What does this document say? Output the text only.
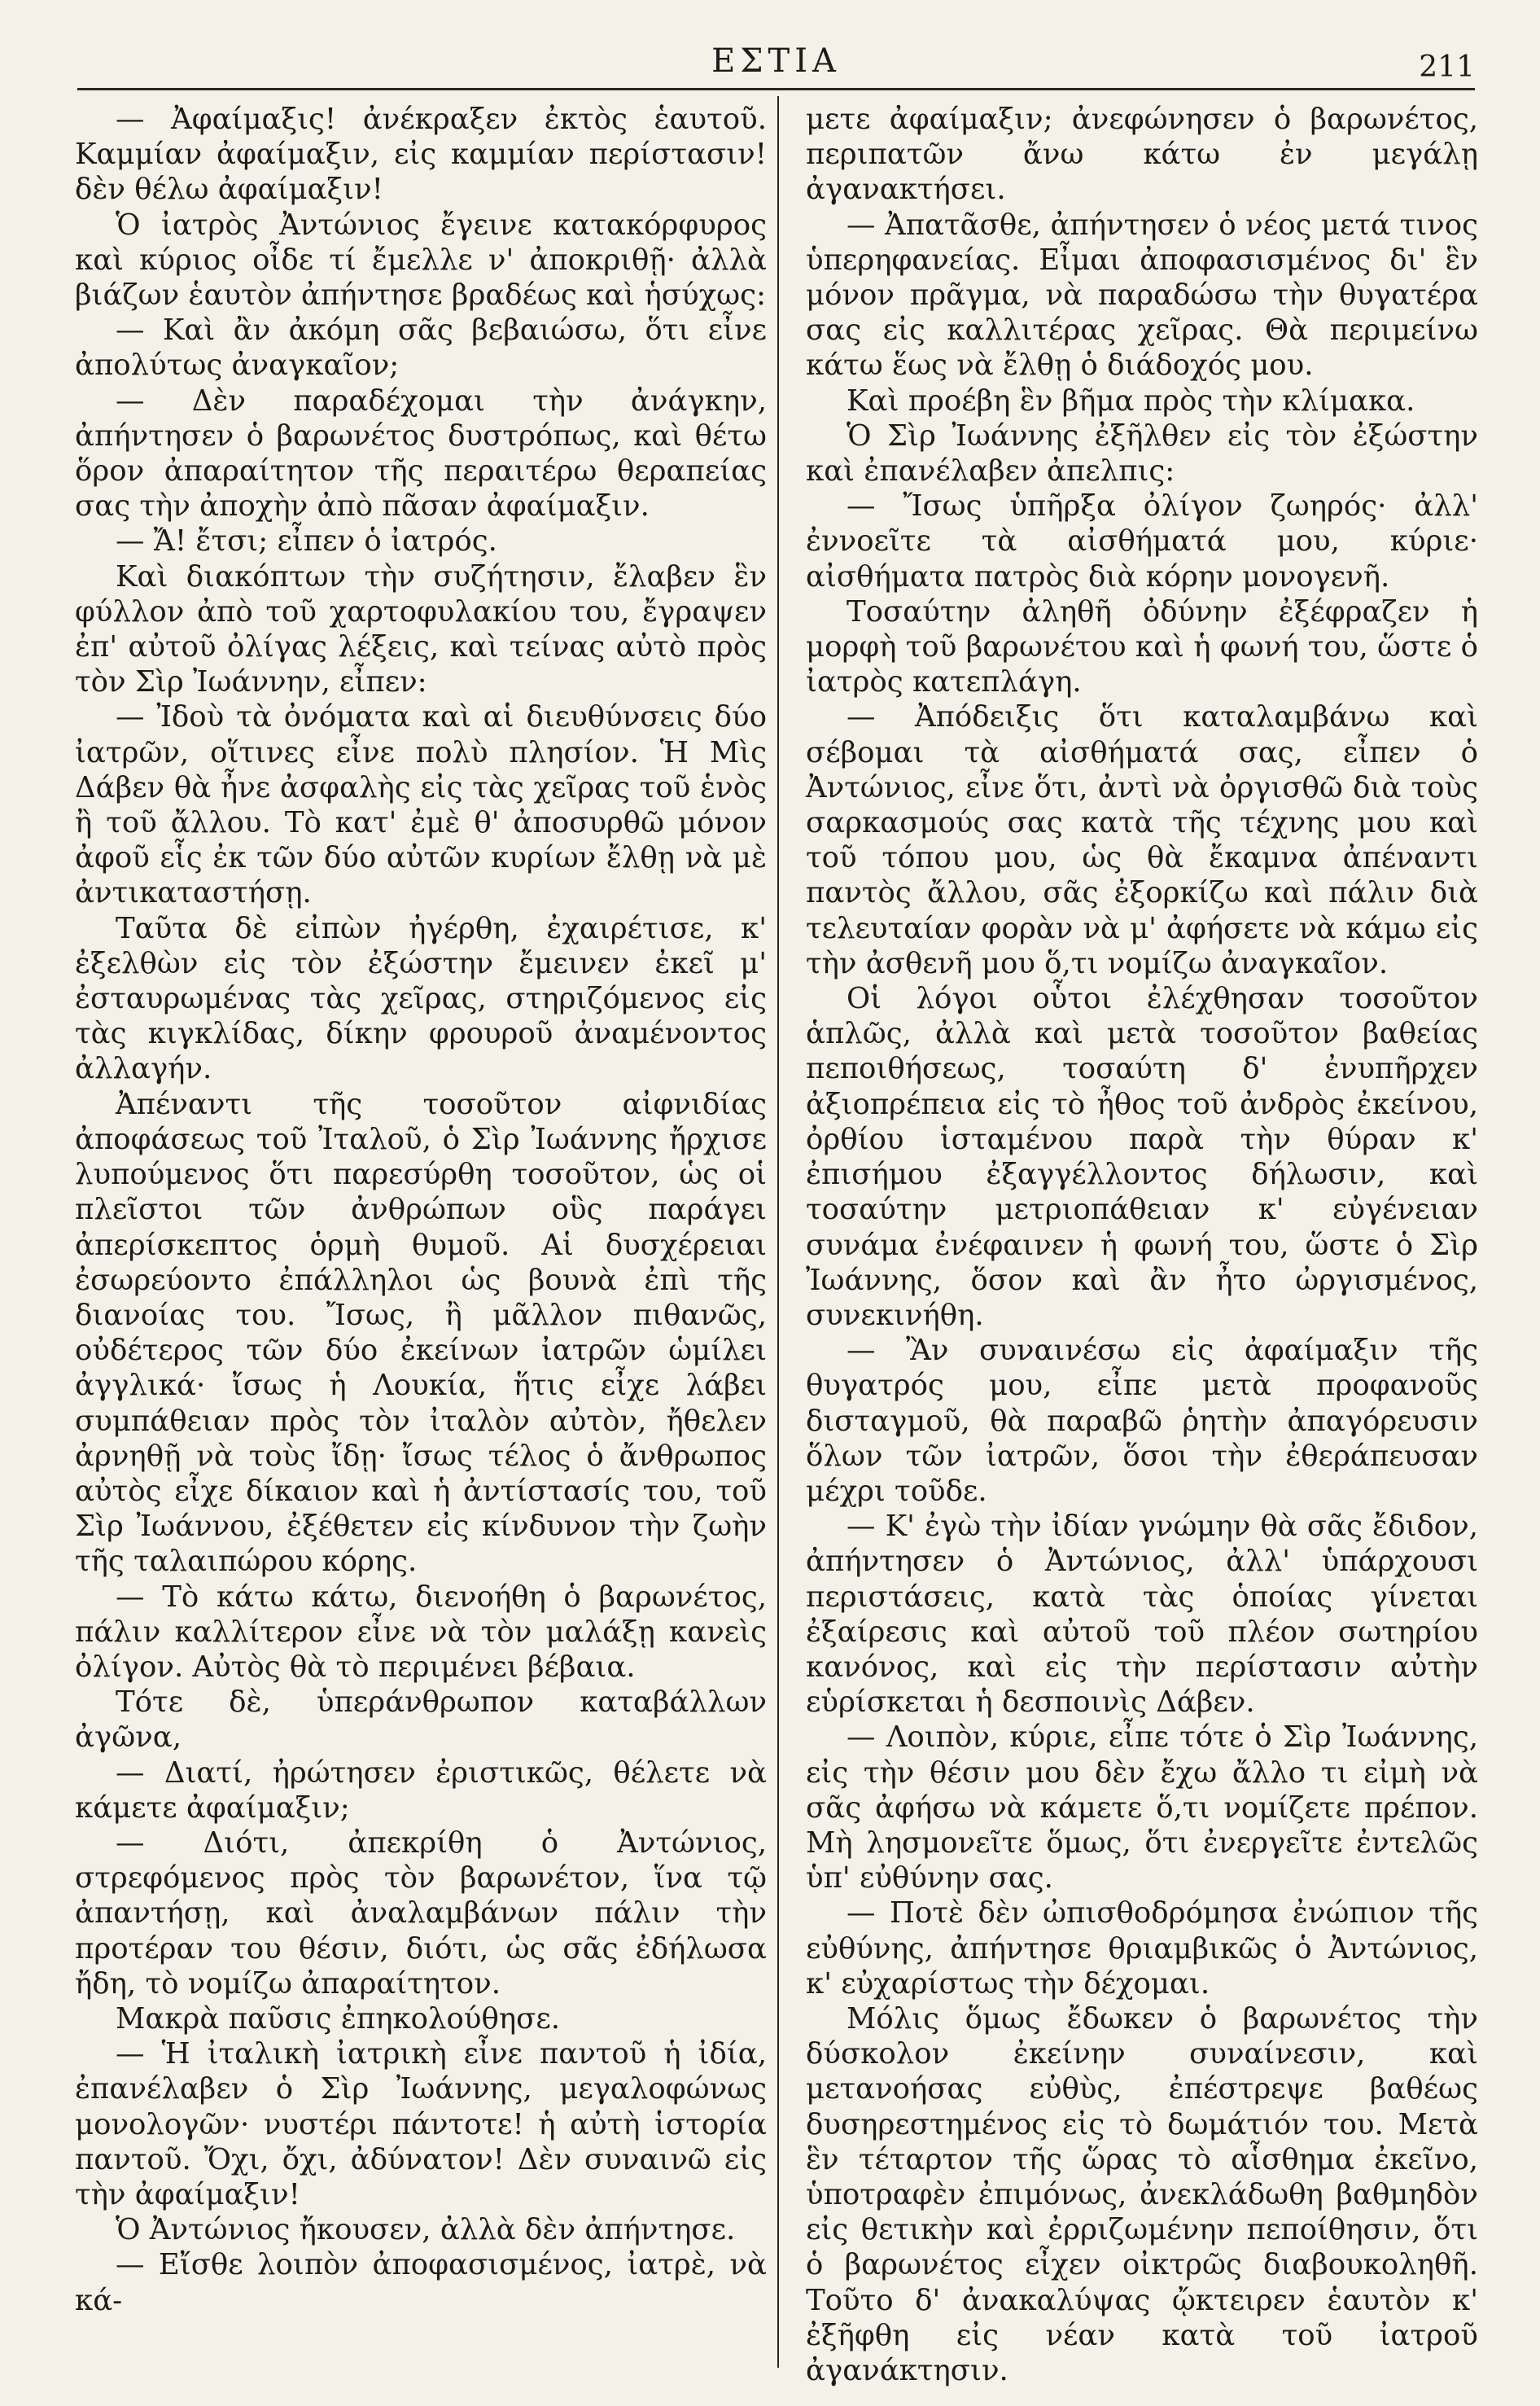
ΕΣΤΙΑ	211

— Ἀφαίμαξις! ἀνέκραξεν ἐκτὸς ἑαυτοῦ. Καμμίαν ἀφαίμαξιν, εἰς καμμίαν περίστασιν! δὲν θέλω ἀφαίμαξιν!

Ὁ ἰατρὸς Ἀντώνιος ἔγεινε κατακόρφυρος καὶ κύριος οἶδε τί ἔμελλε ν' ἀποκριθῇ· ἀλλὰ βιάζων ἑαυτὸν ἀπήντησε βραδέως καὶ ἡσύχως:

— Καὶ ἂν ἀκόμη σᾶς βεβαιώσω, ὅτι εἶνε ἀπολύτως ἀναγκαῖον;

— Δὲν παραδέχομαι τὴν ἀνάγκην, ἀπήντησεν ὁ βαρωνέτος δυστρόπως, καὶ θέτω ὅρον ἀπαραίτητον τῆς περαιτέρω θεραπείας σας τὴν ἀποχὴν ἀπὸ πᾶσαν ἀφαίμαξιν.

— Ἄ! ἔτσι; εἶπεν ὁ ἰατρός.

Καὶ διακόπτων τὴν συζήτησιν, ἔλαβεν ἓν φύλλον ἀπὸ τοῦ χαρτοφυλακίου του, ἔγραψεν ἐπ' αὐτοῦ ὀλίγας λέξεις, καὶ τείνας αὐτὸ πρὸς τὸν Σὶρ Ἰωάννην, εἶπεν:

— Ἰδοὺ τὰ ὀνόματα καὶ αἱ διευθύνσεις δύο ἰατρῶν, οἵτινες εἶνε πολὺ πλησίον. Ἡ Μὶς Δάβεν θὰ ἦνε ἀσφαλὴς εἰς τὰς χεῖρας τοῦ ἑνὸς ἢ τοῦ ἄλλου. Τὸ κατ' ἐμὲ θ' ἀποσυρθῶ μόνον ἀφοῦ εἷς ἐκ τῶν δύο αὐτῶν κυρίων ἔλθῃ νὰ μὲ ἀντικαταστήσῃ.

Ταῦτα δὲ εἰπὼν ἠγέρθη, ἐχαιρέτισε, κ' ἐξελθὼν εἰς τὸν ἐξώστην ἔμεινεν ἐκεῖ μ' ἐσταυρωμένας τὰς χεῖρας, στηριζόμενος εἰς τὰς κιγκλίδας, δίκην φρουροῦ ἀναμένοντος ἀλλαγήν.

Ἀπέναντι τῆς τοσοῦτον αἰφνιδίας ἀποφάσεως τοῦ Ἰταλοῦ, ὁ Σὶρ Ἰωάννης ἤρχισε λυπούμενος ὅτι παρεσύρθη τοσοῦτον, ὡς οἱ πλεῖστοι τῶν ἀνθρώπων οὓς παράγει ἀπερίσκεπτος ὁρμὴ θυμοῦ. Αἱ δυσχέρειαι ἐσωρεύοντο ἐπάλληλοι ὡς βουνὰ ἐπὶ τῆς διανοίας του. Ἴσως, ἢ μᾶλλον πιθανῶς, οὐδέτερος τῶν δύο ἐκείνων ἰατρῶν ὡμίλει ἀγγλικά· ἴσως ἡ Λουκία, ἥτις εἶχε λάβει συμπάθειαν πρὸς τὸν ἰταλὸν αὐτὸν, ἤθελεν ἀρνηθῇ νὰ τοὺς ἴδῃ· ἴσως τέλος ὁ ἄνθρωπος αὐτὸς εἶχε δίκαιον καὶ ἡ ἀντίστασίς του, τοῦ Σὶρ Ἰωάννου, ἐξέθετεν εἰς κίνδυνον τὴν ζωὴν τῆς ταλαιπώρου κόρης.

— Τὸ κάτω κάτω, διενοήθη ὁ βαρωνέτος, πάλιν καλλίτερον εἶνε νὰ τὸν μαλάξῃ κανεὶς ὀλίγον. Αὐτὸς θὰ τὸ περιμένει βέβαια.

Τότε δὲ, ὑπεράνθρωπον καταβάλλων ἀγῶνα,

— Διατί, ἠρώτησεν ἐριστικῶς, θέλετε νὰ κάμετε ἀφαίμαξιν;

— Διότι, ἀπεκρίθη ὁ Ἀντώνιος, στρεφόμενος πρὸς τὸν βαρωνέτον, ἵνα τῷ ἀπαντήσῃ, καὶ ἀναλαμβάνων πάλιν τὴν προτέραν του θέσιν, διότι, ὡς σᾶς ἐδήλωσα ἤδη, τὸ νομίζω ἀπαραίτητον.

Μακρὰ παῦσις ἐπηκολούθησε.

— Ἡ ἰταλικὴ ἰατρικὴ εἶνε παντοῦ ἡ ἰδία, ἐπανέλαβεν ὁ Σὶρ Ἰωάννης, μεγαλοφώνως μονολογῶν· νυστέρι πάντοτε! ἡ αὐτὴ ἱστορία παντοῦ. Ὄχι, ὄχι, ἀδύνατον! Δὲν συναινῶ εἰς τὴν ἀφαίμαξιν!

Ὁ Ἀντώνιος ἤκουσεν, ἀλλὰ δὲν ἀπήντησε.

— Εἴσθε λοιπὸν ἀποφασισμένος, ἰατρὲ, νὰ κά-

μετε ἀφαίμαξιν; ἀνεφώνησεν ὁ βαρωνέτος, περιπατῶν ἄνω κάτω ἐν μεγάλῃ ἀγανακτήσει.

— Ἀπατᾶσθε, ἀπήντησεν ὁ νέος μετά τινος ὑπερηφανείας. Εἶμαι ἀποφασισμένος δι' ἓν μόνον πρᾶγμα, νὰ παραδώσω τὴν θυγατέρα σας εἰς καλλιτέρας χεῖρας. Θὰ περιμείνω κάτω ἕως νὰ ἔλθῃ ὁ διάδοχός μου.

Καὶ προέβη ἓν βῆμα πρὸς τὴν κλίμακα.

Ὁ Σὶρ Ἰωάννης ἐξῆλθεν εἰς τὸν ἐξώστην καὶ ἐπανέλαβεν ἀπελπις:

— Ἴσως ὑπῆρξα ὀλίγον ζωηρός· ἀλλ' ἐννοεῖτε τὰ αἰσθήματά μου, κύριε· αἰσθήματα πατρὸς διὰ κόρην μονογενῆ.

Τοσαύτην ἀληθῆ ὀδύνην ἐξέφραζεν ἡ μορφὴ τοῦ βαρωνέτου καὶ ἡ φωνή του, ὥστε ὁ ἰατρὸς κατεπλάγη.

— Ἀπόδειξις ὅτι καταλαμβάνω καὶ σέβομαι τὰ αἰσθήματά σας, εἶπεν ὁ Ἀντώνιος, εἶνε ὅτι, ἀντὶ νὰ ὀργισθῶ διὰ τοὺς σαρκασμούς σας κατὰ τῆς τέχνης μου καὶ τοῦ τόπου μου, ὡς θὰ ἔκαμνα ἀπέναντι παντὸς ἄλλου, σᾶς ἐξορκίζω καὶ πάλιν διὰ τελευταίαν φορὰν νὰ μ' ἀφήσετε νὰ κάμω εἰς τὴν ἀσθενῆ μου ὅ,τι νομίζω ἀναγκαῖον.

Οἱ λόγοι οὗτοι ἐλέχθησαν τοσοῦτον ἁπλῶς, ἀλλὰ καὶ μετὰ τοσοῦτον βαθείας πεποιθήσεως, τοσαύτη δ' ἐνυπῆρχεν ἀξιοπρέπεια εἰς τὸ ἦθος τοῦ ἀνδρὸς ἐκείνου, ὀρθίου ἱσταμένου παρὰ τὴν θύραν κ' ἐπισήμου ἐξαγγέλλοντος δήλωσιν, καὶ τοσαύτην μετριοπάθειαν κ' εὐγένειαν συνάμα ἐνέφαινεν ἡ φωνή του, ὥστε ὁ Σὶρ Ἰωάννης, ὅσον καὶ ἂν ἦτο ὠργισμένος, συνεκινήθη.

— Ἂν συναινέσω εἰς ἀφαίμαξιν τῆς θυγατρός μου, εἶπε μετὰ προφανοῦς δισταγμοῦ, θὰ παραβῶ ῥητὴν ἀπαγόρευσιν ὅλων τῶν ἰατρῶν, ὅσοι τὴν ἐθεράπευσαν μέχρι τοῦδε.

— Κ' ἐγὼ τὴν ἰδίαν γνώμην θὰ σᾶς ἔδιδον, ἀπήντησεν ὁ Ἀντώνιος, ἀλλ' ὑπάρχουσι περιστάσεις, κατὰ τὰς ὁποίας γίνεται ἐξαίρεσις καὶ αὐτοῦ τοῦ πλέον σωτηρίου κανόνος, καὶ εἰς τὴν περίστασιν αὐτὴν εὑρίσκεται ἡ δεσποινὶς Δάβεν.

— Λοιπὸν, κύριε, εἶπε τότε ὁ Σὶρ Ἰωάννης, εἰς τὴν θέσιν μου δὲν ἔχω ἄλλο τι εἰμὴ νὰ σᾶς ἀφήσω νὰ κάμετε ὅ,τι νομίζετε πρέπον. Μὴ λησμονεῖτε ὅμως, ὅτι ἐνεργεῖτε ἐντελῶς ὑπ' εὐθύνην σας.

— Ποτὲ δὲν ὠπισθοδρόμησα ἐνώπιον τῆς εὐθύνης, ἀπήντησε θριαμβικῶς ὁ Ἀντώνιος, κ' εὐχαρίστως τὴν δέχομαι.

Μόλις ὅμως ἔδωκεν ὁ βαρωνέτος τὴν δύσκολον ἐκείνην συναίνεσιν, καὶ μετανοήσας εὐθὺς, ἐπέστρεψε βαθέως δυσηρεστημένος εἰς τὸ δωμάτιόν του. Μετὰ ἓν τέταρτον τῆς ὥρας τὸ αἷσθημα ἐκεῖνο, ὑποτραφὲν ἐπιμόνως, ἀνεκλάδωθη βαθμηδὸν εἰς θετικὴν καὶ ἐρριζωμένην πεποίθησιν, ὅτι ὁ βαρωνέτος εἶχεν οἰκτρῶς διαβουκοληθῆ. Τοῦτο δ' ἀνακαλύψας ᾤκτειρεν ἑαυτὸν κ' ἐξῆφθη εἰς νέαν κατὰ τοῦ ἰατροῦ ἀγανάκτησιν.
